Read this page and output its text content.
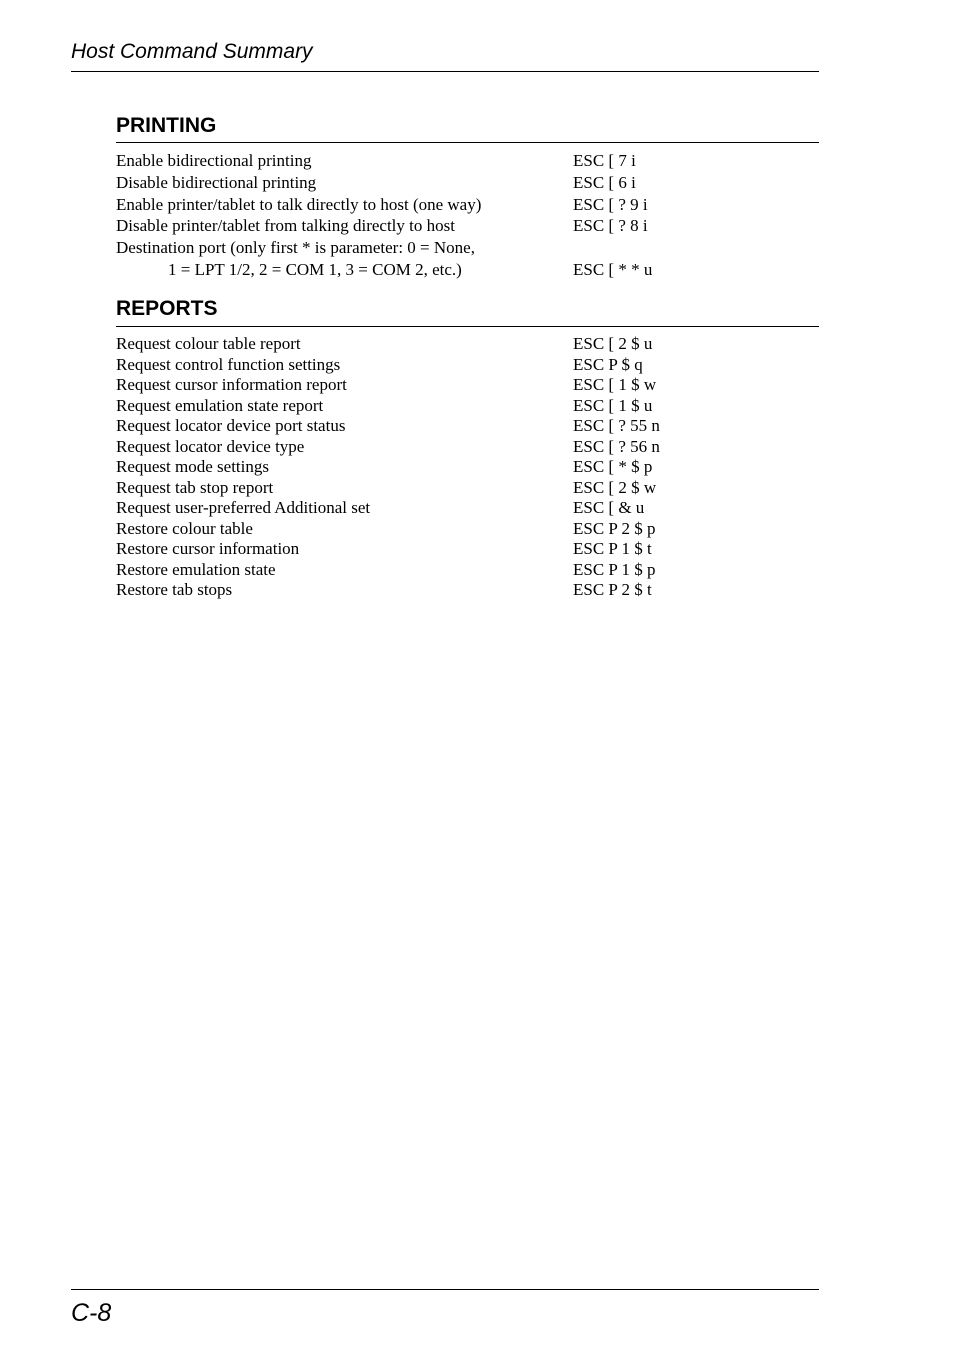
Host Command Summary
PRINTING
Enable bidirectional printing	ESC [ 7 i
Disable bidirectional printing	ESC [ 6 i
Enable printer/tablet to talk directly to host (one way)	ESC [ ? 9 i
Disable printer/tablet from talking directly to host	ESC [ ? 8 i
Destination port (only first * is parameter: 0 = None,
1 = LPT 1/2, 2 = COM 1, 3 = COM 2, etc.)	ESC [ * * u
REPORTS
Request colour table report	ESC [ 2 $ u
Request control function settings	ESC P $ q
Request cursor information report	ESC [ 1 $ w
Request emulation state report	ESC [ 1 $ u
Request locator device port status	ESC [ ? 55 n
Request locator device type	ESC [ ? 56 n
Request mode settings	ESC [ * $ p
Request tab stop report	ESC [ 2 $ w
Request user-preferred Additional set	ESC [ & u
Restore colour table	ESC P 2 $ p
Restore cursor information	ESC P 1 $ t
Restore emulation state	ESC P 1 $ p
Restore tab stops	ESC P 2 $ t
C-8
